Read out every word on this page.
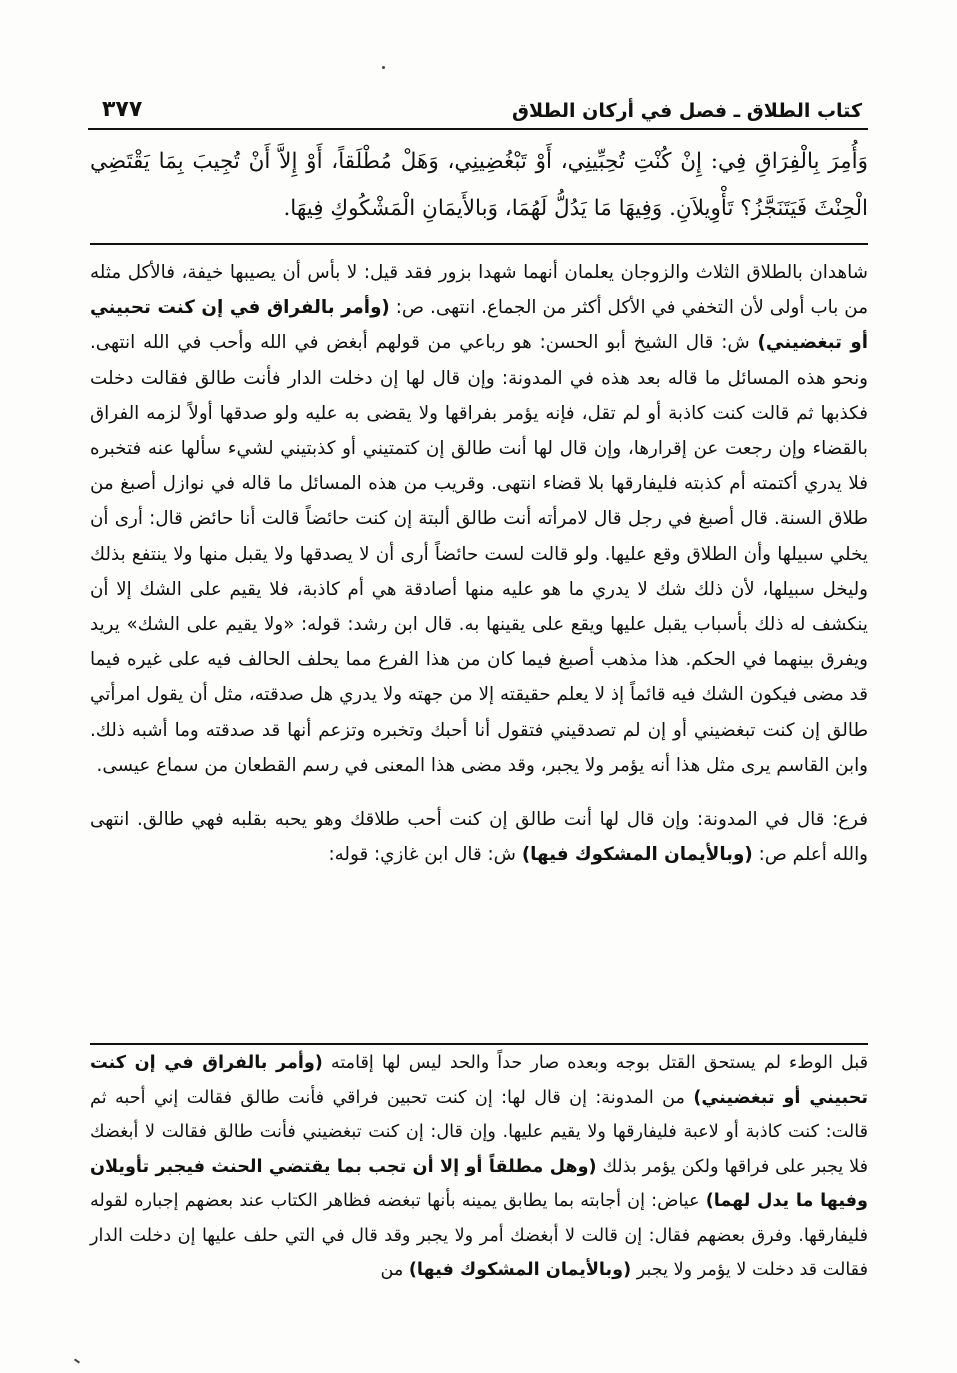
٣٧٧	كتاب الطلاق ـ فصل في أركان الطلاق
وَأُمِرَ بِالْفِرَاقِ فِي: إِنْ كُنْتِ تُحِبِّينِي، أَوْ تَبْغُضِينِي، وَهَلْ مُطْلَقاً، أَوْ إِلاَّ أَنْ تُجِيبَ بِمَا يَقْتَضِي الْحِنْثَ فَيَتَنَجَّزُ؟ تَأْوِيلاَنِ. وَفِيهَا مَا يَدُلُّ لَهُمَا، وَبالأَيمَانِ الْمَشْكُوكِ فِيهَا.

شاهدان بالطلاق الثلاث والزوجان يعلمان أنهما شهدا بزور فقد قيل: لا بأس أن يصيبها خيفة، فالأكل مثله من باب أولى لأن التخفي في الأكل أكثر من الجماع. انتهى. ص: (وأمر بالفراق في إن كنت تحبيني أو تبغضيني) ش: قال الشيخ أبو الحسن: هو رباعي من قولهم أبغض في الله وأحب في الله انتهى. ونحو هذه المسائل ما قاله بعد هذه في المدونة: وإن قال لها إن دخلت الدار فأنت طالق فقالت دخلت فكذبها ثم قالت كنت كاذبة أو لم تقل، فإنه يؤمر بفراقها ولا يقضى به عليه ولو صدقها أولاً لزمه الفراق بالقضاء وإن رجعت عن إقرارها، وإن قال لها أنت طالق إن كتمتيني أو كذبتيني لشيء سألها عنه فتخبره فلا يدري أكتمته أم كذبته فليفارقها بلا قضاء انتهى. وقريب من هذه المسائل ما قاله في نوازل أصبغ من طلاق السنة. قال أصبغ في رجل قال لامرأته أنت طالق ألبتة إن كنت حائضاً قالت أنا حائض قال: أرى أن يخلي سبيلها وأن الطلاق وقع عليها. ولو قالت لست حائضاً أرى أن لا يصدقها ولا يقبل منها ولا ينتفع بذلك وليخل سبيلها، لأن ذلك شك لا يدري ما هو عليه منها أصادقة هي أم كاذبة، فلا يقيم على الشك إلا أن ينكشف له ذلك بأسباب يقبل عليها ويقع على يقينها به. قال ابن رشد: قوله: «ولا يقيم على الشك» يريد ويفرق بينهما في الحكم. هذا مذهب أصبغ فيما كان من هذا الفرع مما يحلف الحالف فيه على غيره فيما قد مضى فيكون الشك فيه قائماً إذ لا يعلم حقيقته إلا من جهته ولا يدري هل صدقته، مثل أن يقول امرأتي طالق إن كنت تبغضيني أو إن لم تصدقيني فتقول أنا أحبك وتخبره وتزعم أنها قد صدقته وما أشبه ذلك. وابن القاسم يرى مثل هذا أنه يؤمر ولا يجبر، وقد مضى هذا المعنى في رسم القطعان من سماع عيسى.

فرع: قال في المدونة: وإن قال لها أنت طالق إن كنت أحب طلاقك وهو يحبه بقلبه فهي طالق. انتهى والله أعلم ص: (وبالأيمان المشكوك فيها) ش: قال ابن غازي: قوله:

قبل الوطء لم يستحق القتل بوجه وبعده صار حداً والحد ليس لها إقامته (وأمر بالفراق في إن كنت تحبيني أو تبغضيني) من المدونة: إن قال لها: إن كنت تحبين فراقي فأنت طالق فقالت إني أحبه ثم قالت: كنت كاذبة أو لاعبة فليفارقها ولا يقيم عليها. وإن قال: إن كنت تبغضيني فأنت طالق فقالت لا أبغضك فلا يجبر على فراقها ولكن يؤمر بذلك (وهل مطلقاً أو إلا أن تجب بما يقتضي الحنث فيجبر تأويلان وفيها ما يدل لهما) عياض: إن أجابته بما يطابق يمينه بأنها تبغضه فظاهر الكتاب عند بعضهم إجباره لقوله فليفارقها. وفرق بعضهم فقال: إن قالت لا أبغضك أمر ولا يجبر وقد قال في التي حلف عليها إن دخلت الدار فقالت قد دخلت لا يؤمر ولا يجبر (وبالأيمان المشكوك فيها) من
